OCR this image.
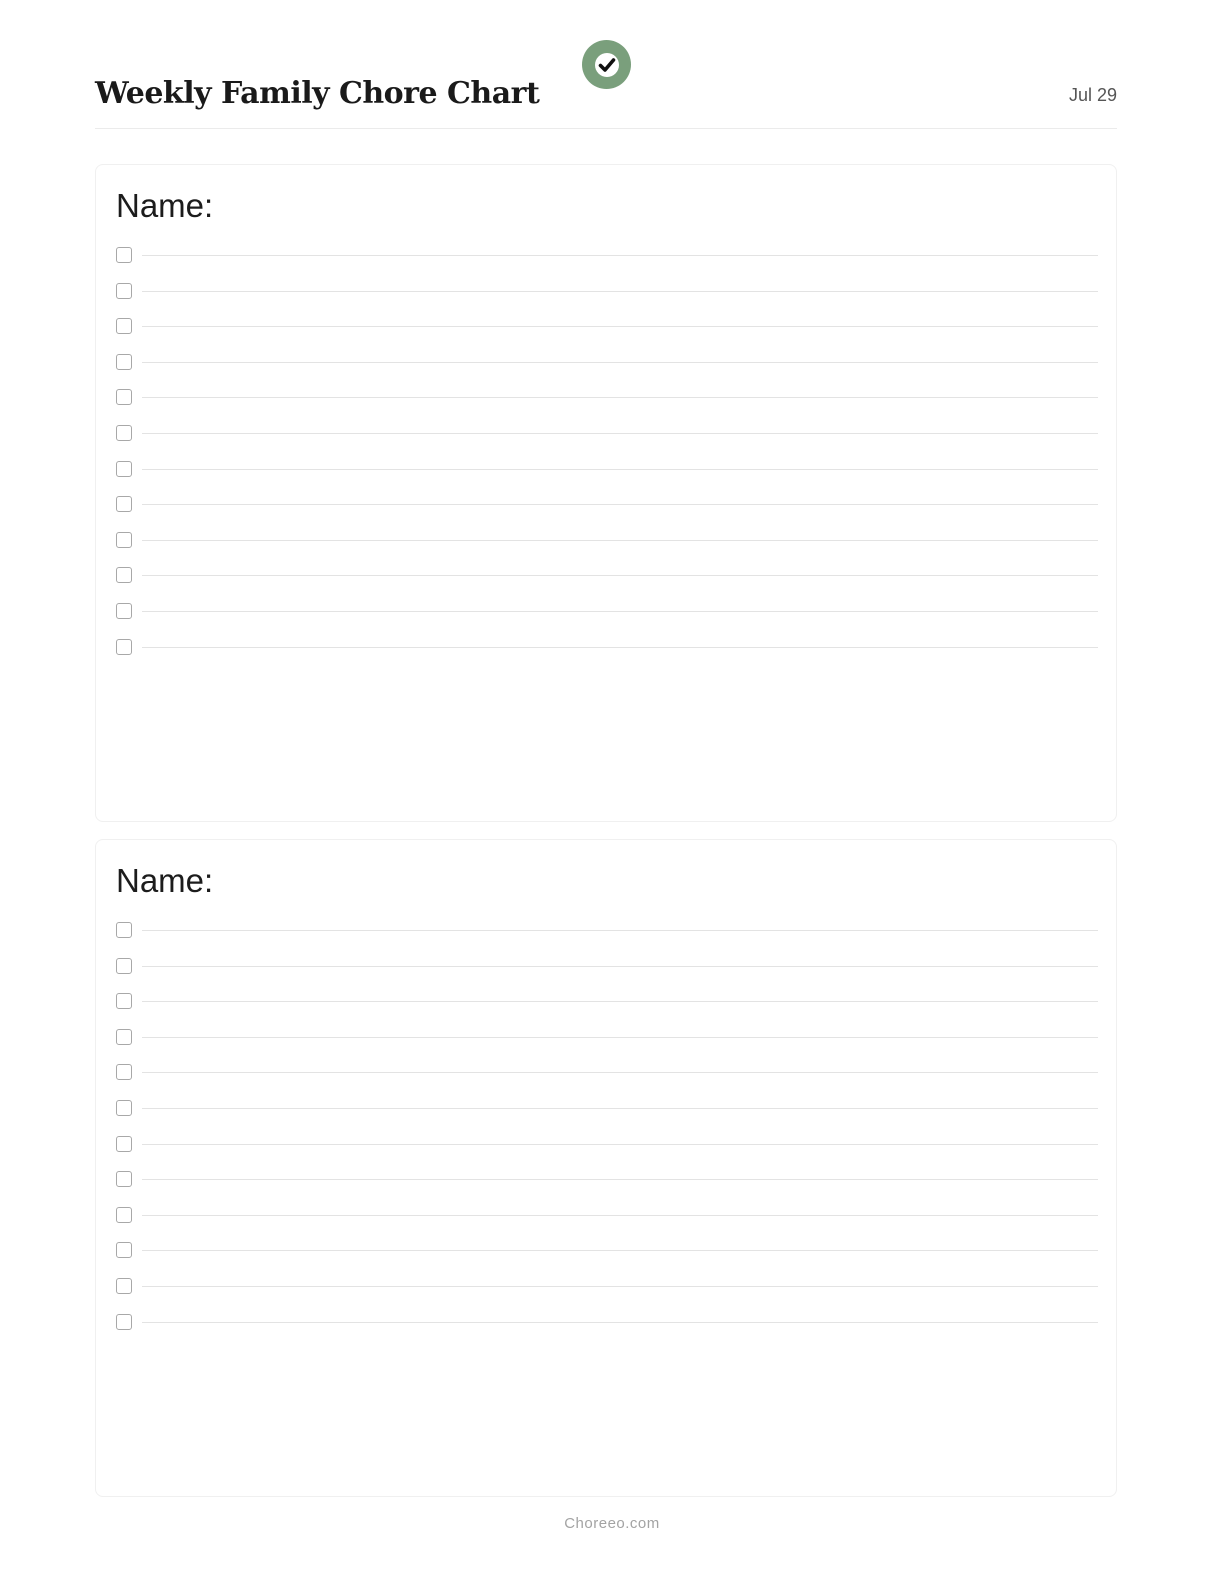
Weekly Family Chore Chart	Jul 29
Name:
Name:
Choreeo.com
